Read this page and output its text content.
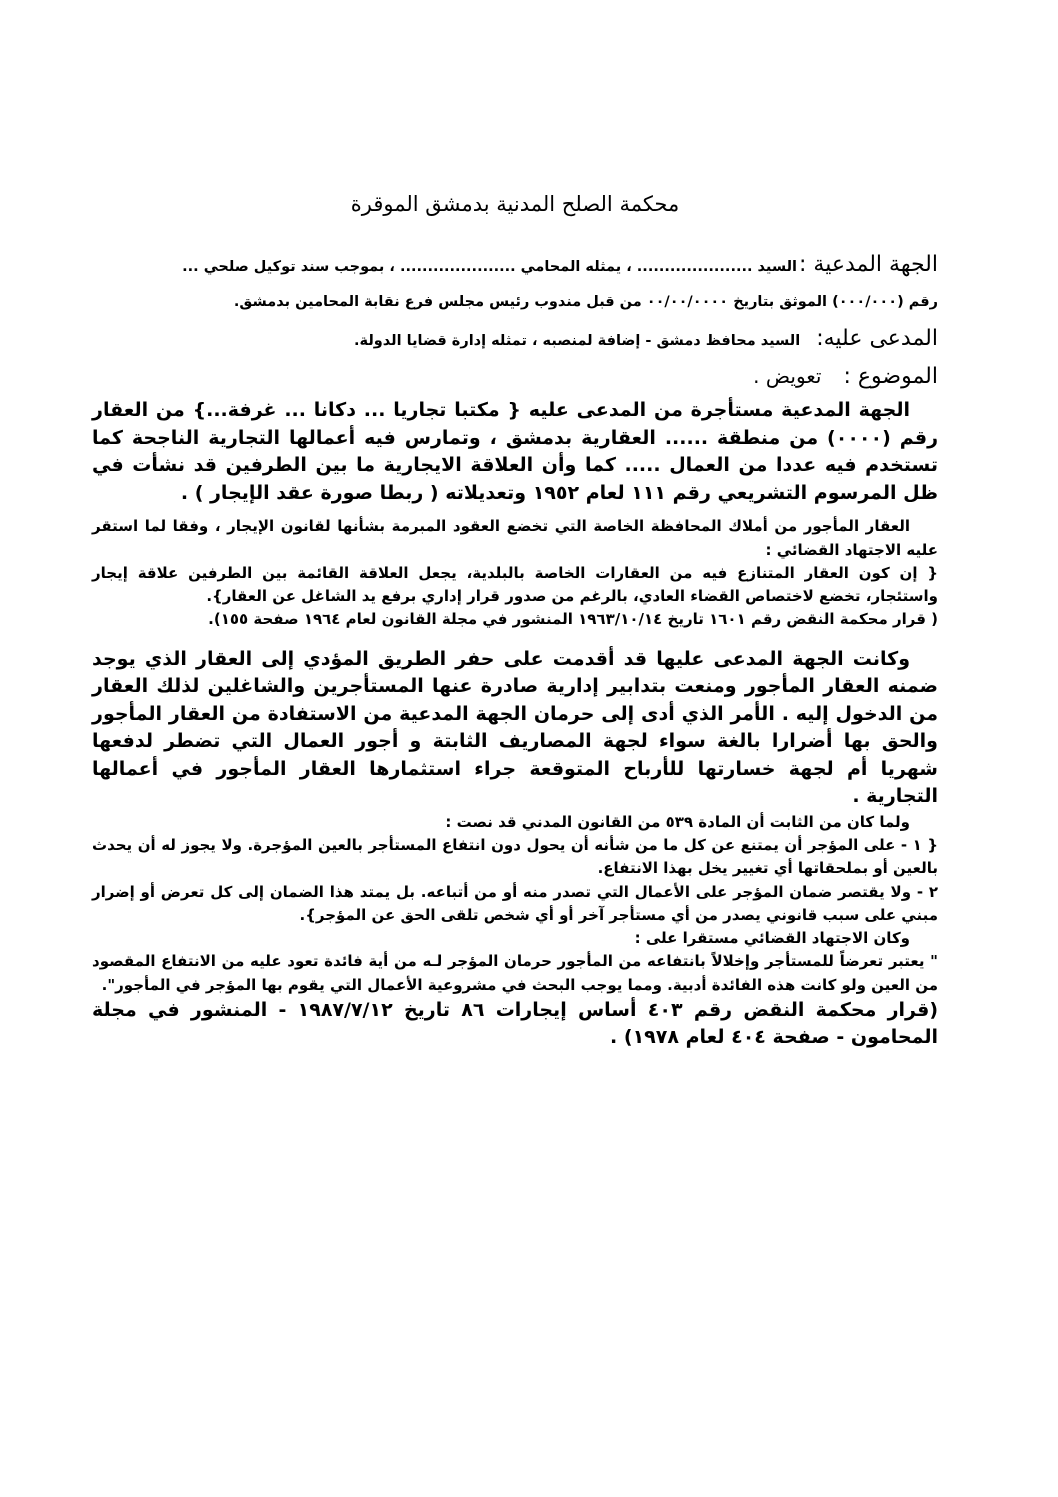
محكمة الصلح المدنية بدمشق الموقرة

الجهة المدعية :
السيد ..................... ، يمثله المحامي ..................... ، بموجب سند توكيل صلحي ...

رقم (٠٠٠/٠٠٠) الموثق بتاريخ ٠٠/٠٠/٠٠٠٠ من قبل مندوب رئيس مجلس فرع نقابة المحامين بدمشق.

المدعى عليه:
السيد محافظ دمشق - إضافة لمنصبه ، تمثله إدارة قضايا الدولة.
الموضوع :
تعويض .

الجهة المدعية مستأجرة من المدعى عليه { مكتبا تجاريا ... دكانا ... غرفة...} من العقار رقم (٠٠٠٠) من منطقة ...... العقارية بدمشق ، وتمارس فيه أعمالها التجارية الناجحة كما تستخدم فيه عددا من العمال ..... كما وأن العلاقة الايجارية ما بين الطرفين قد نشأت في ظل المرسوم التشريعي رقم ١١١ لعام ١٩٥٢ وتعديلاته ( ربطا صورة عقد الإيجار ) .

العقار المأجور من أملاك المحافظة الخاصة التي تخضع العقود المبرمة بشأنها لقانون الإيجار ، وفقا لما استقر عليه الاجتهاد القضائي :

{ إن كون العقار المتنازع فيه من العقارات الخاصة بالبلدية، يجعل العلاقة القائمة بين الطرفين علاقة إيجار واستئجار، تخضع لاختصاص القضاء العادي، بالرغم من صدور قرار إداري برفع يد الشاغل عن العقار}.

( قرار محكمة النقض رقم ١٦٠١ تاريخ ١٩٦٣/١٠/١٤ المنشور في مجلة القانون لعام ١٩٦٤ صفحة ١٥٥).

وكانت الجهة المدعى عليها قد أقدمت على حفر الطريق المؤدي إلى العقار الذي يوجد ضمنه العقار المأجور ومنعت بتدابير إدارية صادرة عنها المستأجرين والشاغلين لذلك العقار من الدخول إليه . الأمر الذي أدى إلى حرمان الجهة المدعية من الاستفادة من العقار المأجور والحق بها أضرارا بالغة سواء لجهة المصاريف الثابتة و أجور العمال التي تضطر لدفعها شهريا أم لجهة خسارتها للأرباح المتوقعة جراء استثمارها العقار المأجور في أعمالها التجارية .

ولما كان من الثابت أن المادة ٥٣٩ من القانون المدني قد نصت :

{ ١ - على المؤجر أن يمتنع عن كل ما من شأنه أن يحول دون انتفاع المستأجر بالعين المؤجرة. ولا يجوز له أن يحدث بالعين أو بملحقاتها أي تغيير يخل بهذا الانتفاع.

٢ - ولا يقتصر ضمان المؤجر على الأعمال التي تصدر منه أو من أتباعه. بل يمتد هذا الضمان إلى كل تعرض أو إضرار مبني على سبب قانوني يصدر من أي مستأجر آخر أو أي شخص تلقى الحق عن المؤجر}.

وكان الاجتهاد القضائي مستقرا على :

" يعتبر تعرضاً للمستأجر وإخلالاً بانتفاعه من المأجور حرمان المؤجر لـه من أية فائدة تعود عليه من الانتفاع المقصود من العين ولو كانت هذه الفائدة أدبية. ومما يوجب البحث في مشروعية الأعمال التي يقوم بها المؤجر في المأجور".

(قرار محكمة النقض رقم ٤٠٣ أساس إيجارات ٨٦ تاريخ ١٩٨٧/٧/١٢ - المنشور في مجلة المحامون - صفحة ٤٠٤ لعام ١٩٧٨) .
